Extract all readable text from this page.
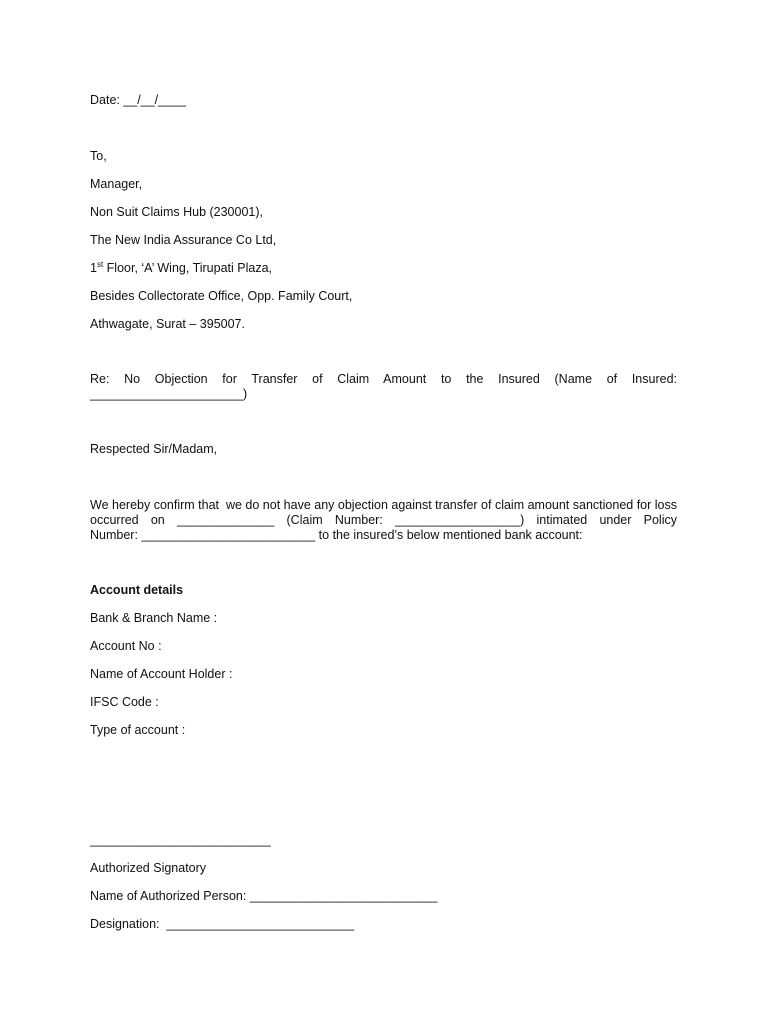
Date: __/__/____
To,
Manager,
Non Suit Claims Hub (230001),
The New India Assurance Co Ltd,
1st Floor, ‘A’ Wing, Tirupati Plaza,
Besides Collectorate Office, Opp. Family Court,
Athwagate, Surat – 395007.
Re:  No  Objection  for  Transfer  of  Claim  Amount  to  the  Insured  (Name  of  Insured: ______________________)
Respected Sir/Madam,
We hereby confirm that  we do not have any objection against transfer of claim amount sanctioned for loss  occurred  on  ______________  (Claim  Number:  __________________)  intimated  under  Policy Number: _________________________ to the insured’s below mentioned bank account:
Account details
Bank & Branch Name :
Account No :
Name of Account Holder :
IFSC Code :
Type of account :
__________________________
Authorized Signatory
Name of Authorized Person: ___________________________
Designation:  ___________________________
